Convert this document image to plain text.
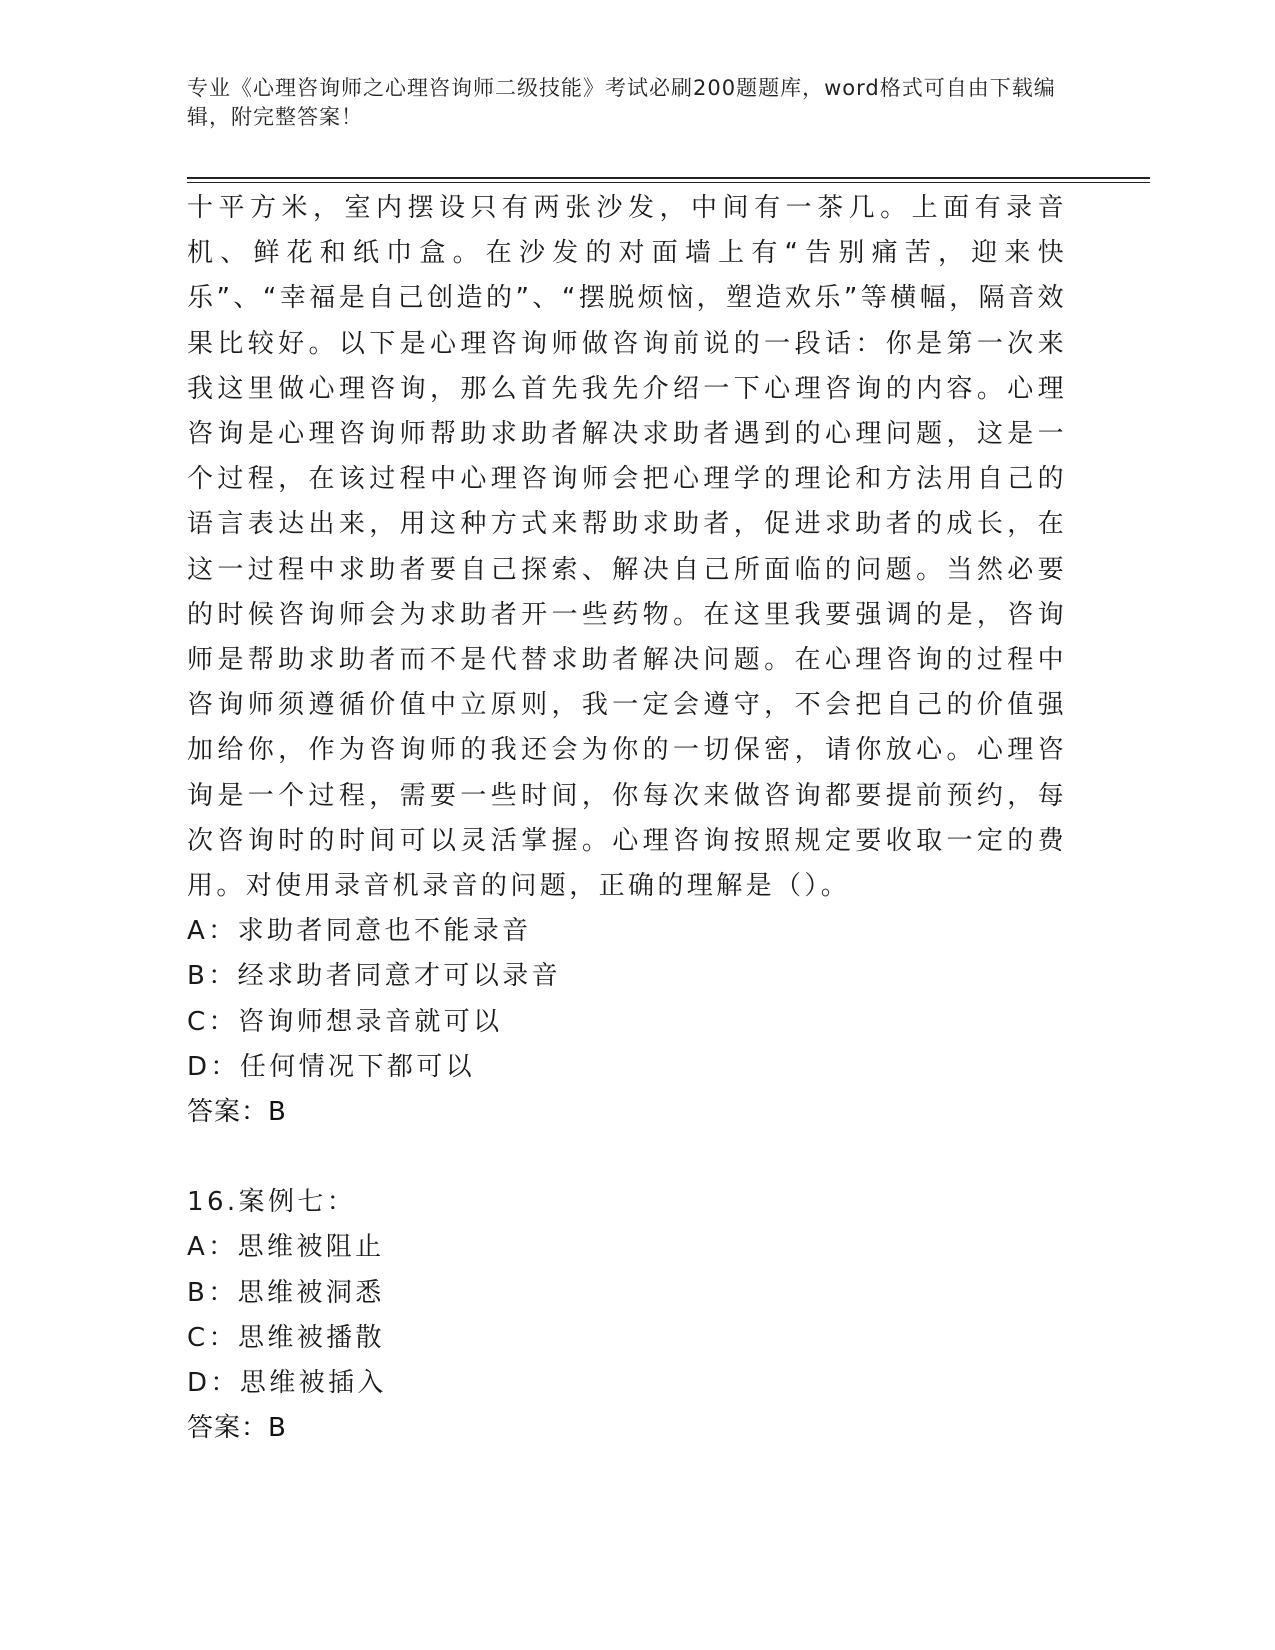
专业《心理咨询师之心理咨询师二级技能》考试必刷200题题库，word格式可自由下载编辑，附完整答案！

十平方米，室内摆设只有两张沙发，中间有一茶几。上面有录音机、鲜花和纸巾盒。在沙发的对面墙上有“告别痛苦，迎来快乐”、“幸福是自己创造的”、“摆脱烦恼，塑造欢乐”等横幅，隔音效果比较好。以下是心理咨询师做咨询前说的一段话：你是第一次来我这里做心理咨询，那么首先我先介绍一下心理咨询的内容。心理咨询是心理咨询师帮助求助者解决求助者遇到的心理问题，这是一个过程，在该过程中心理咨询师会把心理学的理论和方法用自己的语言表达出来，用这种方式来帮助求助者，促进求助者的成长，在这一过程中求助者要自己探索、解决自己所面临的问题。当然必要的时候咨询师会为求助者开一些药物。在这里我要强调的是，咨询师是帮助求助者而不是代替求助者解决问题。在心理咨询的过程中咨询师须遵循价值中立原则，我一定会遵守，不会把自己的价值强加给你，作为咨询师的我还会为你的一切保密，请你放心。心理咨询是一个过程，需要一些时间，你每次来做咨询都要提前预约，每次咨询时的时间可以灵活掌握。心理咨询按照规定要收取一定的费用。对使用录音机录音的问题，正确的理解是（）。

A：求助者同意也不能录音

B：经求助者同意才可以录音

C：咨询师想录音就可以

D：任何情况下都可以

答案：B

16.案例七：

A：思维被阻止

B：思维被洞悉

C：思维被播散

D：思维被插入

答案：B
